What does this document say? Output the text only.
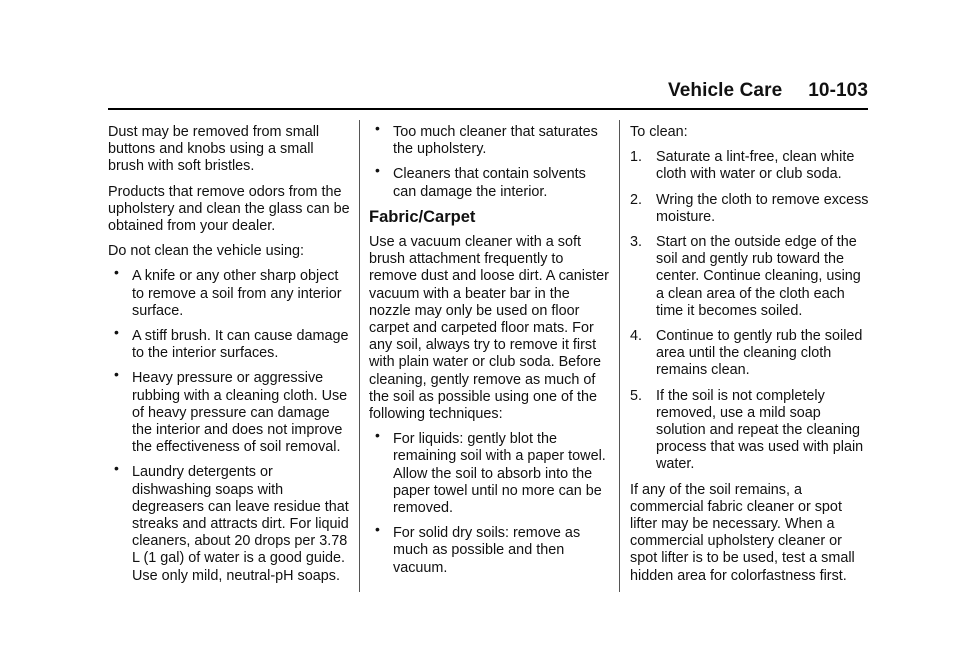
Vehicle Care 10-103

Dust may be removed from small buttons and knobs using a small brush with soft bristles.

Products that remove odors from the upholstery and clean the glass can be obtained from your dealer.

Do not clean the vehicle using:

• A knife or any other sharp object to remove a soil from any interior surface.
• A stiff brush. It can cause damage to the interior surfaces.
• Heavy pressure or aggressive rubbing with a cleaning cloth. Use of heavy pressure can damage the interior and does not improve the effectiveness of soil removal.
• Laundry detergents or dishwashing soaps with degreasers can leave residue that streaks and attracts dirt. For liquid cleaners, about 20 drops per 3.78 L (1 gal) of water is a good guide. Use only mild, neutral-pH soaps.
• Too much cleaner that saturates the upholstery.
• Cleaners that contain solvents can damage the interior.
Fabric/Carpet

Use a vacuum cleaner with a soft brush attachment frequently to remove dust and loose dirt. A canister vacuum with a beater bar in the nozzle may only be used on floor carpet and carpeted floor mats. For any soil, always try to remove it first with plain water or club soda. Before cleaning, gently remove as much of the soil as possible using one of the following techniques:

• For liquids: gently blot the remaining soil with a paper towel. Allow the soil to absorb into the paper towel until no more can be removed.
• For solid dry soils: remove as much as possible and then vacuum.

To clean:

1. Saturate a lint-free, clean white cloth with water or club soda.
2. Wring the cloth to remove excess moisture.
3. Start on the outside edge of the soil and gently rub toward the center. Continue cleaning, using a clean area of the cloth each time it becomes soiled.
4. Continue to gently rub the soiled area until the cleaning cloth remains clean.
5. If the soil is not completely removed, use a mild soap solution and repeat the cleaning process that was used with plain water.

If any of the soil remains, a commercial fabric cleaner or spot lifter may be necessary. When a commercial upholstery cleaner or spot lifter is to be used, test a small hidden area for colorfastness first.
